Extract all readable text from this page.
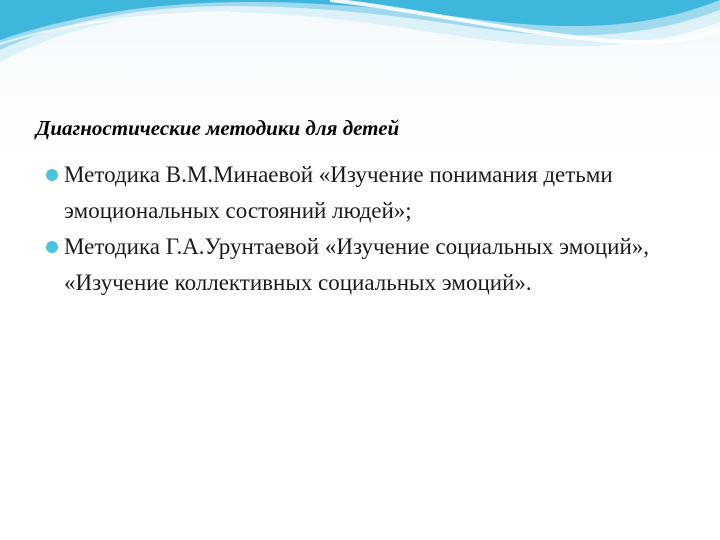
Диагностические методики для детей
Методика В.М.Минаевой «Изучение понимания детьми эмоциональных состояний людей»;
Методика Г.А.Урунтаевой «Изучение социальных эмоций», «Изучение коллективных социальных эмоций».
